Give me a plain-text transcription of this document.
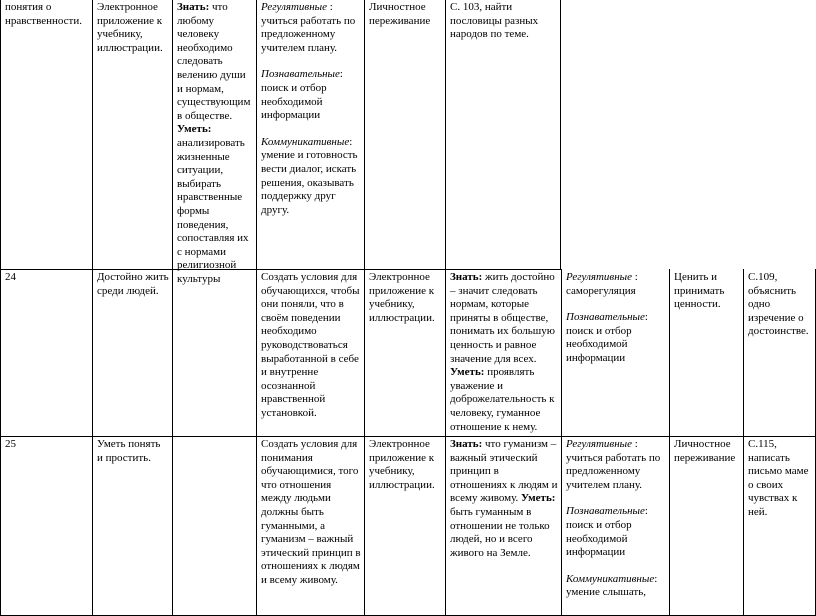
понятия о нравственности.
Электронное приложение к учебнику, иллюстрации.
Знать: что любому человеку необходимо следовать велению души и нормам, существующим в обществе. Уметь: анализировать жизненные ситуации, выбирать нравственные формы поведения, сопоставляя их с нормами религиозной культуры
Регулятивные : учиться работать по предложенному учителем плану.
Познавательные: поиск и отбор необходимой информации
Коммуникативные: умение и готовность вести диалог, искать решения, оказывать поддержку друг другу.
Личностное переживание
С. 103, найти пословицы разных народов по теме.
24	Достойно жить среди людей.
Создать условия для обучающихся, чтобы они поняли, что в своём поведении необходимо руководствоваться выработанной в себе и внутренне осознанной нравственной установкой.
Электронное приложение к учебнику, иллюстрации.
Знать: жить достойно – значит следовать нормам, которые приняты в обществе, понимать их большую ценность и равное значение для всех. Уметь: проявлять уважение и доброжелательность к человеку, гуманное отношение к нему.
Регулятивные : саморегуляция
Познавательные: поиск и отбор необходимой информации
Ценить и принимать ценности.
С.109, объяснить одно изречение о достоинстве.
25	Уметь понять и простить.
Создать условия для понимания обучающимися, того что отношения между людьми должны быть гуманными, а гуманизм – важный этический принцип в отношениях к людям и всему живому.
Электронное приложение к учебнику, иллюстрации.
Знать: что гуманизм – важный этический принцип в отношениях к людям и всему живому. Уметь: быть гуманным в отношении не только людей, но и всего живого на Земле.
Регулятивные : учиться работать по предложенному учителем плану.
Познавательные: поиск и отбор необходимой информации
Коммуникативные: умение слышать,
Личностное переживание
С.115, написать письмо маме о своих чувствах к ней.
